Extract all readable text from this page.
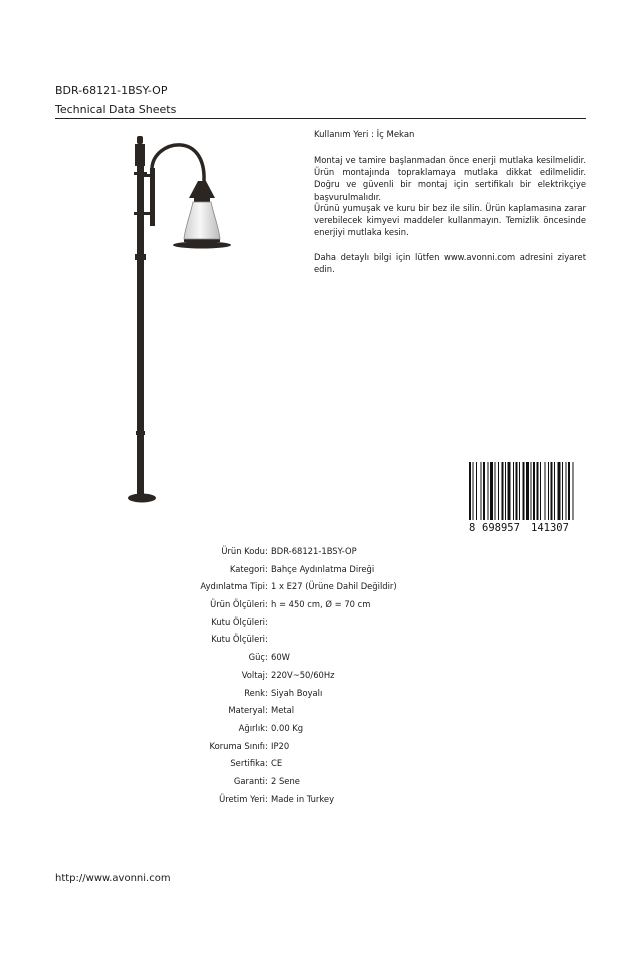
BDR-68121-1BSY-OP
Technical Data Sheets
Kullanım Yeri : İç Mekan
Montaj ve tamire başlanmadan önce enerji mutlaka kesilmelidir. Ürün montajında topraklamaya mutlaka dikkat edilmelidir. Doğru ve güvenli bir montaj için sertifikalı bir elektrikçiye başvurulmalıdır.
Ürünü yumuşak ve kuru bir bez ile silin. Ürün kaplamasına zarar verebilecek kimyevi maddeler kullanmayın. Temizlik öncesinde enerjiyi mutlaka kesin.
Daha detaylı bilgi için lütfen www.avonni.com adresini ziyaret edin.
8 698957 141307
Ürün Kodu : BDR-68121-1BSY-OP
Kategori : Bahçe Aydınlatma Direği
Aydınlatma Tipi : 1 x E27 (Ürüne Dahil Değildir)
Ürün Ölçüleri : h = 450 cm, Ø = 70 cm
Kutu Ölçüleri :
Kutu Ölçüleri :
Güç : 60W
Voltaj : 220V~50/60Hz
Renk : Siyah Boyalı
Materyal : Metal
Ağırlık : 0.00 Kg
Koruma Sınıfı : IP20
Sertifika : CE
Garanti : 2 Sene
Üretim Yeri : Made in Turkey
http://www.avonni.com
